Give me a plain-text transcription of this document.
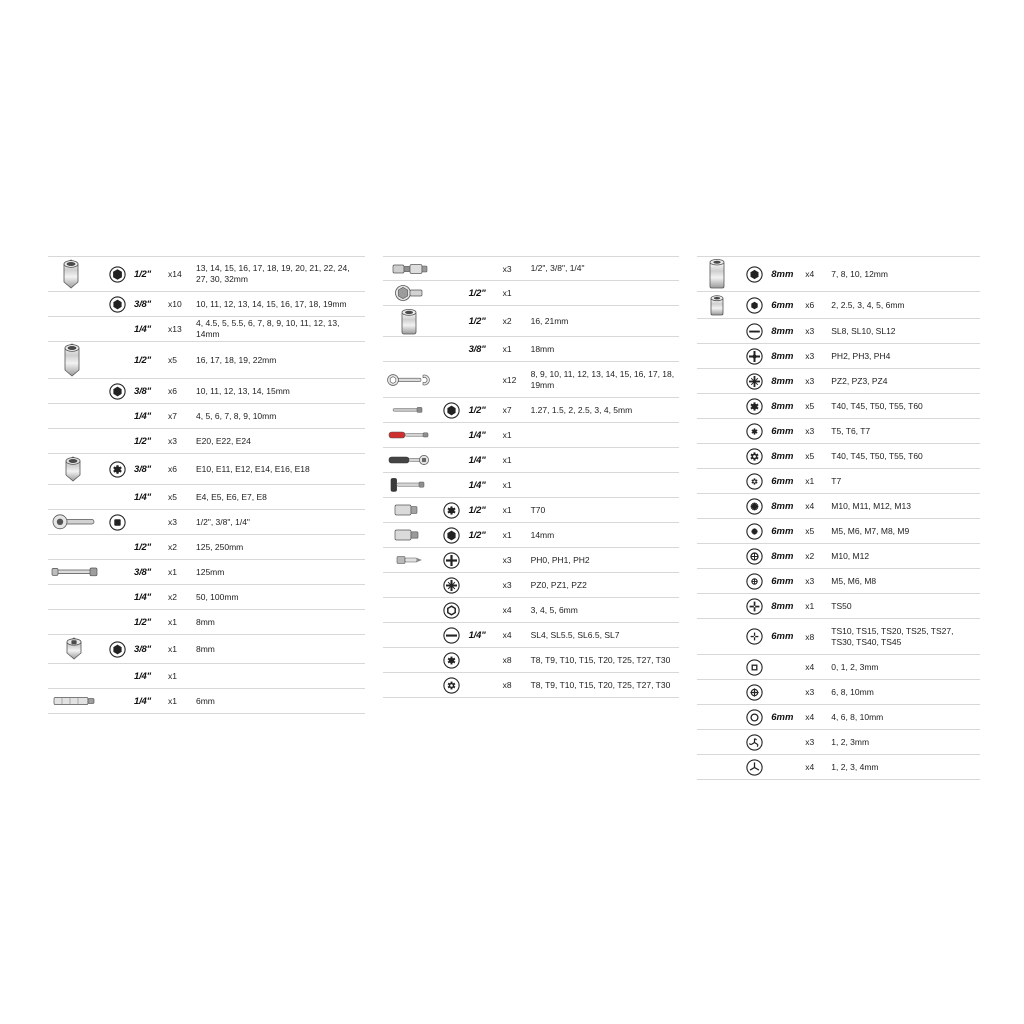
1/2"	x14
13, 14, 15, 16, 17, 18, 19, 20, 21, 22, 24, 27, 30, 32mm
3/8"	x10	10, 11, 12, 13, 14, 15, 16, 17, 18, 19mm
1/4"	x13
4, 4.5, 5, 5.5, 6, 7, 8, 9, 10, 11, 12, 13, 14mm
1/2"	x5	16, 17, 18, 19, 22mm
3/8"	x6	10, 11, 12, 13, 14, 15mm
1/4"	x7	4, 5, 6, 7, 8, 9, 10mm
1/2"	x3	E20, E22, E24
3/8"	x6	E10, E11, E12, E14, E16, E18
1/4"	x5	E4, E5, E6, E7, E8
x3	1/2", 3/8", 1/4"
1/2"	x2	125, 250mm
3/8"	x1	125mm
1/4"	x2	50, 100mm
1/2"	x1	8mm
3/8"	x1	8mm
1/4"	x1
1/4"	x1	6mm
x3	1/2", 3/8", 1/4"
1/2"	x1
1/2"	x2	16, 21mm
3/8"	x1	18mm
x12
8, 9, 10, 11, 12, 13, 14, 15, 16, 17, 18, 19mm
1/2"	x7	1.27, 1.5, 2, 2.5, 3, 4, 5mm
1/4"	x1
1/4"	x1
1/4"	x1
1/2"	x1	T70
1/2"	x1	14mm
x3	PH0, PH1, PH2
x3	PZ0, PZ1, PZ2
x4	3, 4, 5, 6mm
1/4"	x4	SL4, SL5.5, SL6.5, SL7
x8	T8, T9, T10, T15, T20, T25, T27, T30
x8	T8, T9, T10, T15, T20, T25, T27, T30
8mm	x4	7, 8, 10, 12mm
6mm	x6	2, 2.5, 3, 4, 5, 6mm
8mm	x3	SL8, SL10, SL12
8mm	x3	PH2, PH3, PH4
8mm	x3	PZ2, PZ3, PZ4
8mm	x5	T40, T45, T50, T55, T60
6mm	x3	T5, T6, T7
8mm	x5	T40, T45, T50, T55, T60
6mm	x1	T7
8mm	x4	M10, M11, M12, M13
6mm	x5	M5, M6, M7, M8, M9
8mm	x2	M10, M12
6mm	x3	M5, M6, M8
8mm	x1	TS50
6mm	x8
TS10, TS15, TS20, TS25, TS27, TS30, TS40, TS45
x4	0, 1, 2, 3mm
x3	6, 8, 10mm
6mm	x4	4, 6, 8, 10mm
x3	1, 2, 3mm
x4	1, 2, 3, 4mm
